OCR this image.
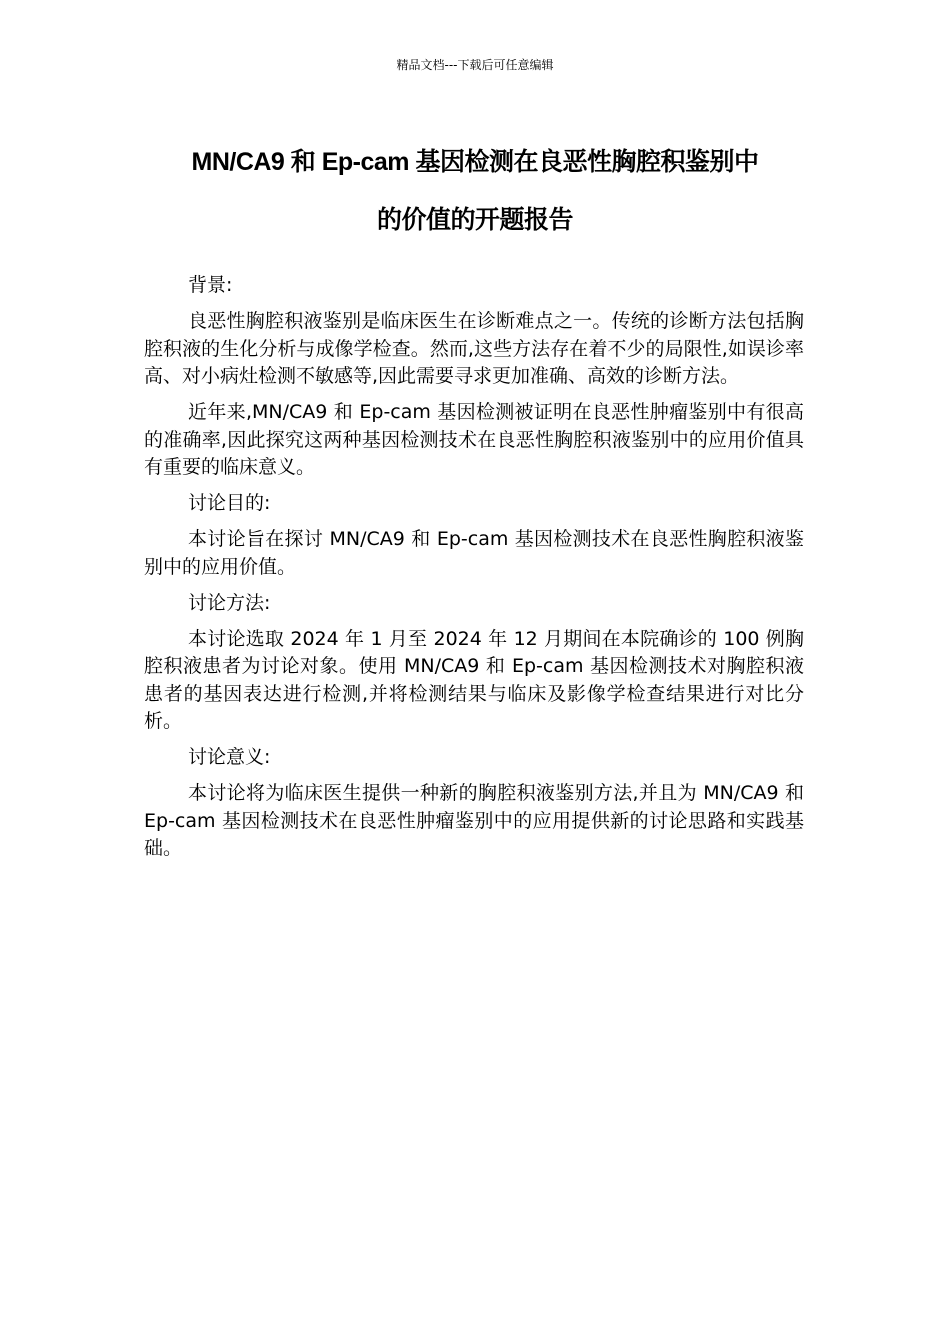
精品文档---下载后可任意编辑
MN/CA9 和 Ep-cam 基因检测在良恶性胸腔积鉴别中
的价值的开题报告

背景:

良恶性胸腔积液鉴别是临床医生在诊断难点之一。传统的诊断方法包括胸腔积液的生化分析与成像学检查。然而,这些方法存在着不少的局限性,如误诊率高、对小病灶检测不敏感等,因此需要寻求更加准确、高效的诊断方法。

近年来,MN/CA9 和 Ep-cam 基因检测被证明在良恶性肿瘤鉴别中有很高的准确率,因此探究这两种基因检测技术在良恶性胸腔积液鉴别中的应用价值具有重要的临床意义。

讨论目的:

本讨论旨在探讨 MN/CA9 和 Ep-cam 基因检测技术在良恶性胸腔积液鉴别中的应用价值。

讨论方法:

本讨论选取 2024 年 1 月至 2024 年 12 月期间在本院确诊的 100 例胸腔积液患者为讨论对象。使用 MN/CA9 和 Ep-cam 基因检测技术对胸腔积液患者的基因表达进行检测,并将检测结果与临床及影像学检查结果进行对比分析。

讨论意义:

本讨论将为临床医生提供一种新的胸腔积液鉴别方法,并且为 MN/CA9 和 Ep-cam 基因检测技术在良恶性肿瘤鉴别中的应用提供新的讨论思路和实践基础。
